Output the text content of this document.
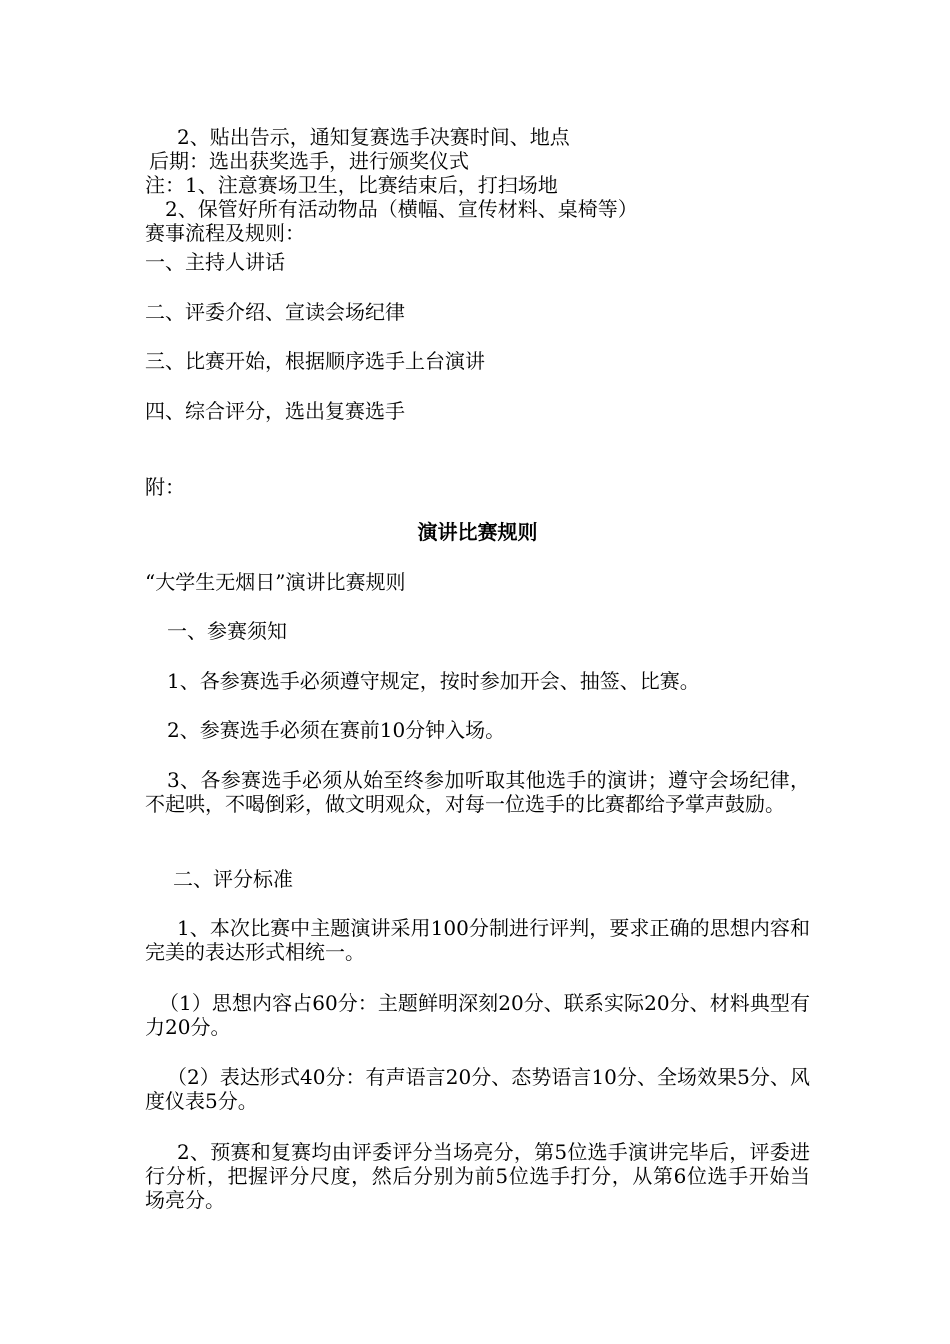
2、贴出告示，通知复赛选手决赛时间、地点
后期：选出获奖选手，进行颁奖仪式
注：1、注意赛场卫生，比赛结束后，打扫场地
2、保管好所有活动物品（横幅、宣传材料、桌椅等）
赛事流程及规则：
一、主持人讲话
二、评委介绍、宣读会场纪律
三、比赛开始，根据顺序选手上台演讲
四、综合评分，选出复赛选手
附：
演讲比赛规则
“大学生无烟日”演讲比赛规则
一、参赛须知
1、各参赛选手必须遵守规定，按时参加开会、抽签、比赛。
2、参赛选手必须在赛前10分钟入场。
3、各参赛选手必须从始至终参加听取其他选手的演讲；遵守会场纪律，不起哄，不喝倒彩，做文明观众，对每一位选手的比赛都给予掌声鼓励。
二、评分标准
1、本次比赛中主题演讲采用100分制进行评判，要求正确的思想内容和完美的表达形式相统一。
（1）思想内容占60分：主题鲜明深刻20分、联系实际20分、材料典型有力20分。
（2）表达形式40分：有声语言20分、态势语言10分、全场效果5分、风度仪表5分。
2、预赛和复赛均由评委评分当场亮分，第5位选手演讲完毕后，评委进行分析，把握评分尺度，然后分别为前5位选手打分，从第6位选手开始当场亮分。
